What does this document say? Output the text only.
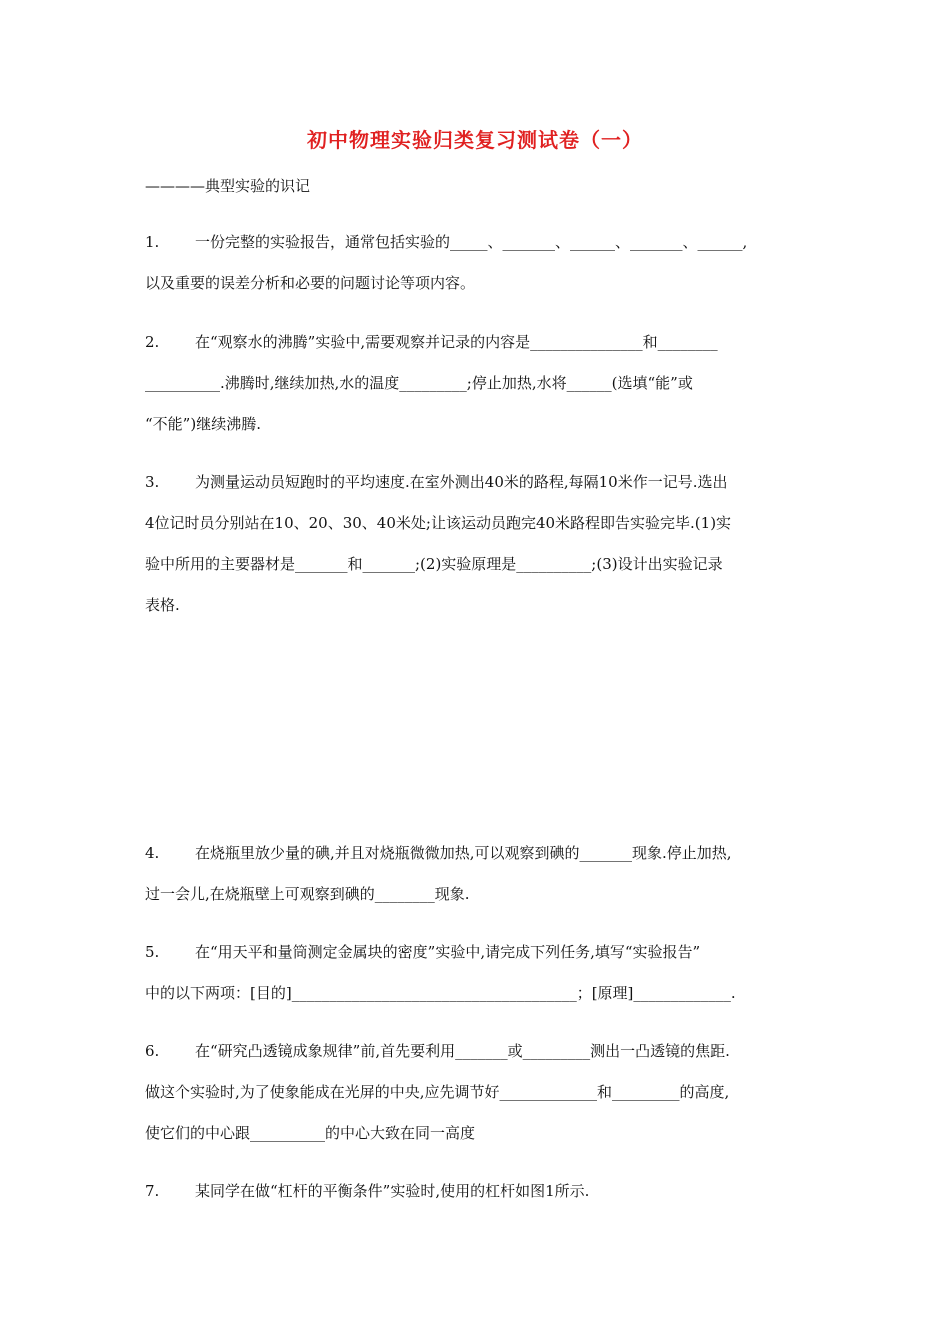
初中物理实验归类复习测试卷（一）
————典型实验的识记
1. 一份完整的实验报告，通常包括实验的_____、_______、______、_______、______,
以及重要的误差分析和必要的问题讨论等项内容。
2. 在“观察水的沸腾”实验中,需要观察并记录的内容是_______________和________
__________.沸腾时,继续加热,水的温度_________;停止加热,水将______(选填“能”或
“不能”)继续沸腾.
3. 为测量运动员短跑时的平均速度.在室外测出40米的路程,每隔10米作一记号.选出
4位记时员分别站在10、20、30、40米处;让该运动员跑完40米路程即告实验完毕.(1)实
验中所用的主要器材是_______和_______;(2)实验原理是__________;(3)设计出实验记录
表格.
4. 在烧瓶里放少量的碘,并且对烧瓶微微加热,可以观察到碘的_______现象.停止加热,
过一会儿,在烧瓶壁上可观察到碘的________现象.
5. 在“用天平和量筒测定金属块的密度”实验中,请完成下列任务,填写“实验报告”
中的以下两项：[目的]______________________________________；[原理]_____________.
6. 在“研究凸透镜成象规律”前,首先要利用_______或_________测出一凸透镜的焦距.
做这个实验时,为了使象能成在光屏的中央,应先调节好_____________和_________的高度,
使它们的中心跟__________的中心大致在同一高度
7. 某同学在做“杠杆的平衡条件”实验时,使用的杠杆如图1所示.
